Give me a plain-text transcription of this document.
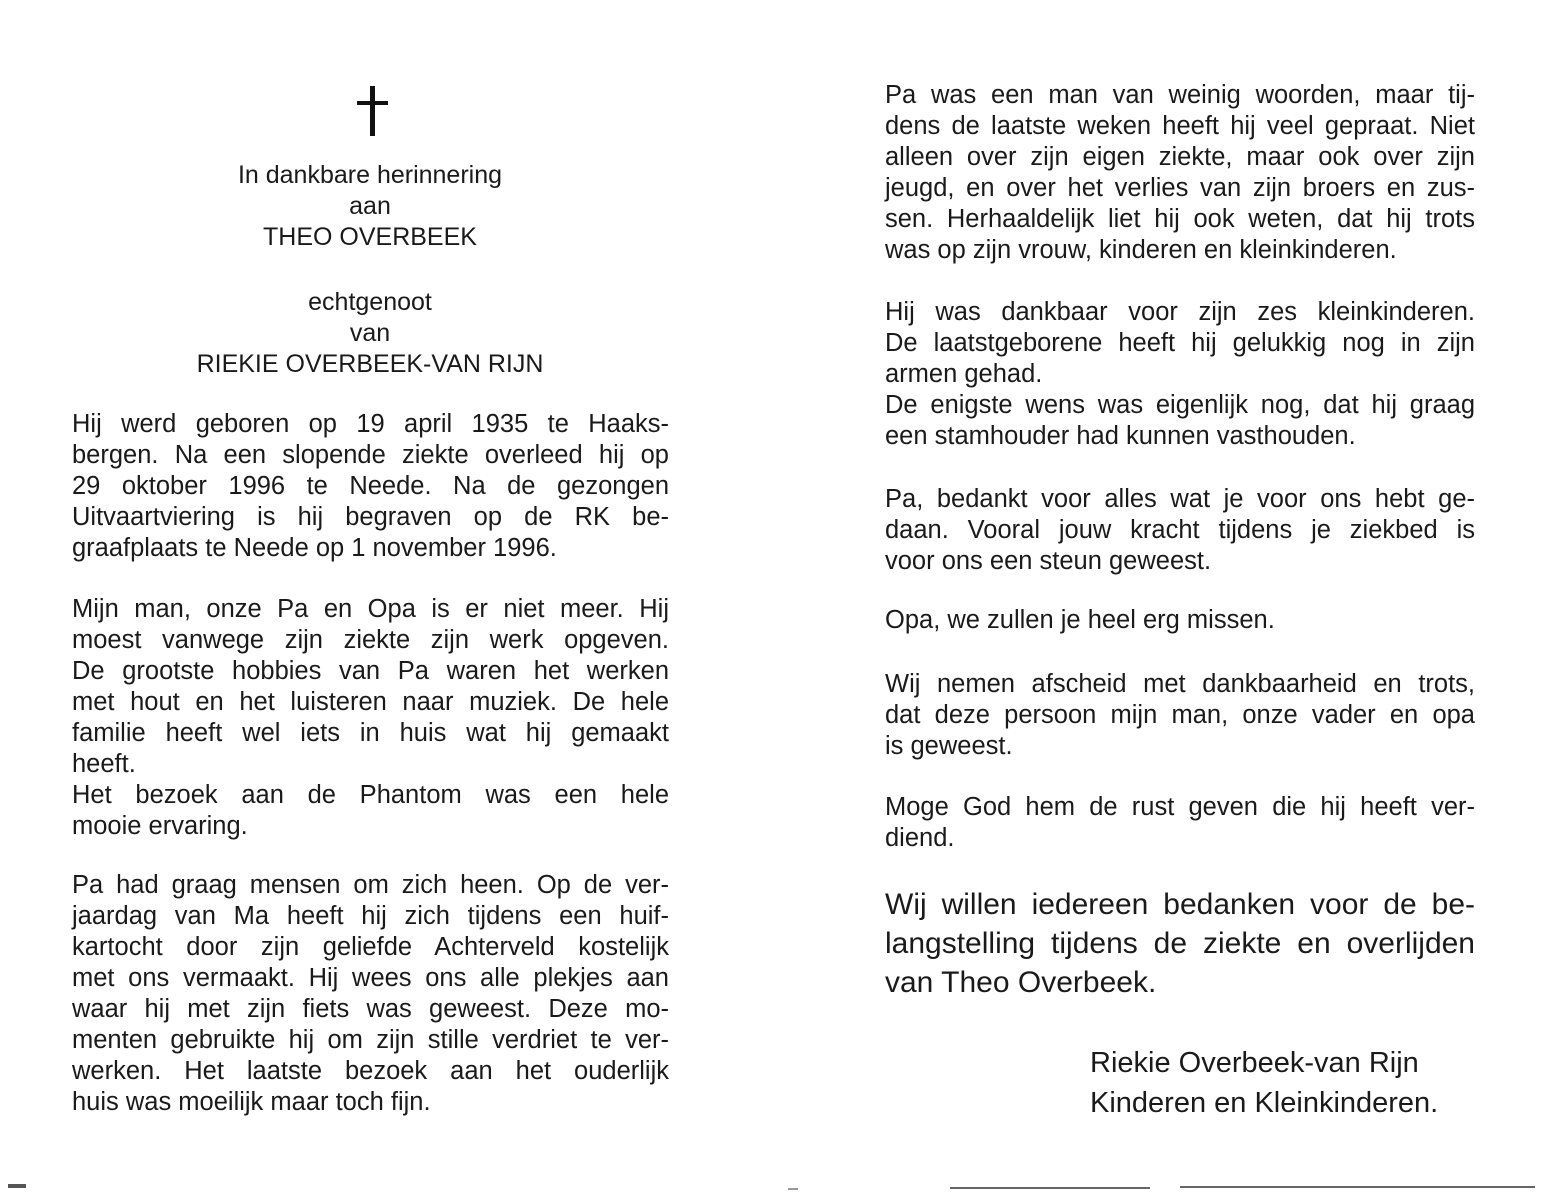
In dankbare herinnering
aan
THEO OVERBEEK
echtgenoot
van
RIEKIE OVERBEEK-VAN RIJN
Hij werd geboren op 19 april 1935 te Haaks-
bergen. Na een slopende ziekte overleed hij op
29 oktober 1996 te Neede. Na de gezongen
Uitvaartviering is hij begraven op de RK be-
graafplaats te Neede op 1 november 1996.
Mijn man, onze Pa en Opa is er niet meer. Hij
moest vanwege zijn ziekte zijn werk opgeven.
De grootste hobbies van Pa waren het werken
met hout en het luisteren naar muziek. De hele
familie heeft wel iets in huis wat hij gemaakt
heeft.
Het bezoek aan de Phantom was een hele
mooie ervaring.
Pa had graag mensen om zich heen. Op de ver-
jaardag van Ma heeft hij zich tijdens een huif-
kartocht door zijn geliefde Achterveld kostelijk
met ons vermaakt. Hij wees ons alle plekjes aan
waar hij met zijn fiets was geweest. Deze mo-
menten gebruikte hij om zijn stille verdriet te ver-
werken. Het laatste bezoek aan het ouderlijk
huis was moeilijk maar toch fijn.
Pa was een man van weinig woorden, maar tij-
dens de laatste weken heeft hij veel gepraat. Niet
alleen over zijn eigen ziekte, maar ook over zijn
jeugd, en over het verlies van zijn broers en zus-
sen. Herhaaldelijk liet hij ook weten, dat hij trots
was op zijn vrouw, kinderen en kleinkinderen.
Hij was dankbaar voor zijn zes kleinkinderen.
De laatstgeborene heeft hij gelukkig nog in zijn
armen gehad.
De enigste wens was eigenlijk nog, dat hij graag
een stamhouder had kunnen vasthouden.
Pa, bedankt voor alles wat je voor ons hebt ge-
daan. Vooral jouw kracht tijdens je ziekbed is
voor ons een steun geweest.
Opa, we zullen je heel erg missen.
Wij nemen afscheid met dankbaarheid en trots,
dat deze persoon mijn man, onze vader en opa
is geweest.
Moge God hem de rust geven die hij heeft ver-
diend.
Wij willen iedereen bedanken voor de be-
langstelling tijdens de ziekte en overlijden
van Theo Overbeek.
Riekie Overbeek-van Rijn
Kinderen en Kleinkinderen.
